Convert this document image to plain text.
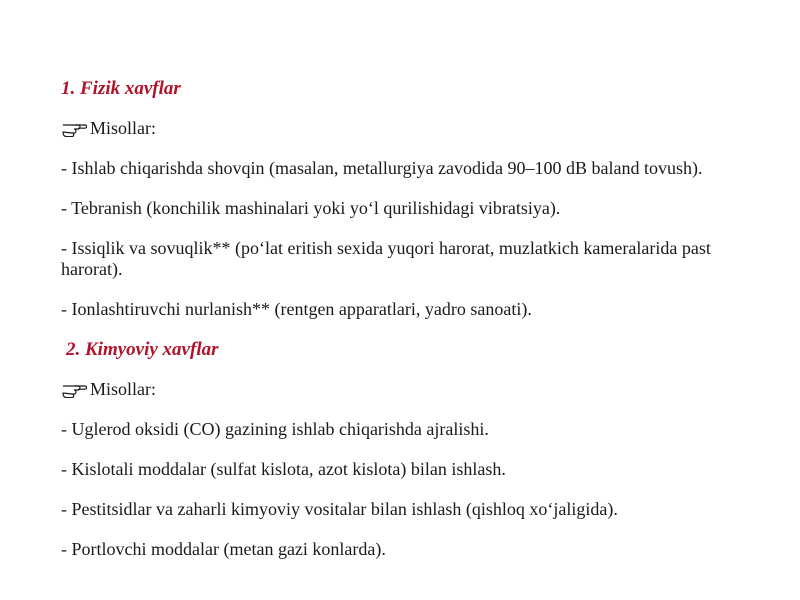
1. Fizik xavflar
Misollar:
- Ishlab chiqarishda shovqin (masalan, metallurgiya zavodida 90–100 dB baland tovush).
- Tebranish (konchilik mashinalari yoki yo‘l qurilishidagi vibratsiya).
- Issiqlik va sovuqlik** (po‘lat eritish sexida yuqori harorat, muzlatkich kameralarida past harorat).
- Ionlashtiruvchi nurlanish** (rentgen apparatlari, yadro sanoati).
2. Kimyoviy xavflar
Misollar:
- Uglerod oksidi (CO) gazining ishlab chiqarishda ajralishi.
- Kislotali moddalar (sulfat kislota, azot kislota) bilan ishlash.
- Pestitsidlar va zaharli kimyoviy vositalar bilan ishlash (qishloq xo‘jaligida).
- Portlovchi moddalar (metan gazi konlarda).
